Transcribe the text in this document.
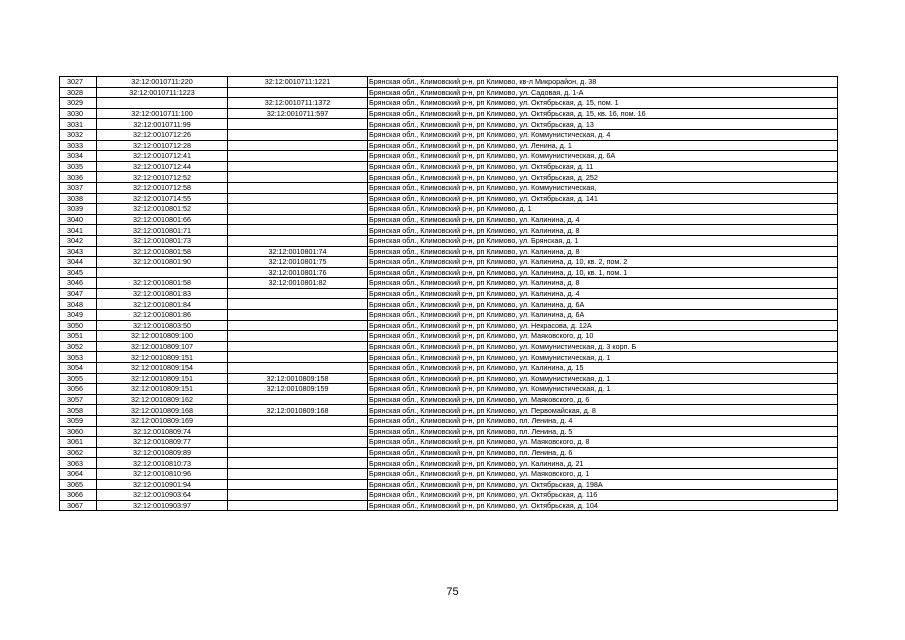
3027	32:12:0010711:220	32:12:0010711:1221	Брянская обл., Климовский р-н, рп Климово, кв-л Микрорайон, д. 38
3028	32:12:0010711:1223		Брянская обл., Климовский р-н, рп Климово, ул. Садовая, д. 1-А
3029		32:12:0010711:1372	Брянская обл., Климовский р-н, рп Климово, ул. Октябрьская, д. 15, пом. 1
3030	32:12:0010711:100	32:12:0010711:597	Брянская обл., Климовский р-н, рп Климово, ул. Октябрьская, д. 15, кв. 16, пом. 16
3031	32:12:0010711:99		Брянская обл., Климовский р-н, рп Климово, ул. Октябрьская, д. 13
3032	32:12:0010712:26		Брянская обл., Климовский р-н, рп Климово, ул. Коммунистическая, д. 4
3033	32:12:0010712:28		Брянская обл., Климовский р-н, рп Климово, ул. Ленина, д. 1
3034	32:12:0010712:41		Брянская обл., Климовский р-н, рп Климово, ул. Коммунистическая, д. 6А
3035	32:12:0010712:44		Брянская обл., Климовский р-н, рп Климово, ул. Октябрьская, д. 11
3036	32:12:0010712:52		Брянская обл., Климовский р-н, рп Климово, ул. Октябрьская, д. 252
3037	32:12:0010712:58		Брянская обл., Климовский р-н, рп Климово, ул. Коммунистическая,
3038	32:12:0010714:55		Брянская обл., Климовский р-н, рп Климово, ул. Октябрьская, д. 141
3039	32:12:0010801:52		Брянская обл., Климовский р-н, рп Климово, д. 1
3040	32:12:0010801:66		Брянская обл., Климовский р-н, рп Климово, ул. Калинина, д. 4
3041	32:12:0010801:71		Брянская обл., Климовский р-н, рп Климово, ул. Калинина, д. 8
3042	32:12:0010801:73		Брянская обл., Климовский р-н, рп Климово, ул. Брянская, д. 1
3043	32:12:0010801:58	32:12:0010801:74	Брянская обл., Климовский р-н, рп Климово, ул. Калинина, д. 8
3044	32:12:0010801:90	32:12:0010801:75	Брянская обл., Климовский р-н, рп Климово, ул. Калинина, д. 10, кв. 2, пом. 2
3045		32:12:0010801:76	Брянская обл., Климовский р-н, рп Климово, ул. Калинина, д. 10, кв. 1, пом. 1
3046	32:12:0010801:58	32:12:0010801:82	Брянская обл., Климовский р-н, рп Климово, ул. Калинина, д. 8
3047	32:12:0010801:83		Брянская обл., Климовский р-н, рп Климово, ул. Калинина, д. 4
3048	32:12:0010801:84		Брянская обл., Климовский р-н, рп Климово, ул. Калинина, д. 6А
3049	32:12:0010801:86		Брянская обл., Климовский р-н, рп Климово, ул. Калинина, д. 6А
3050	32:12:0010803:50		Брянская обл., Климовский р-н, рп Климово, ул. Некрасова, д. 12А
3051	32:12:0010809:100		Брянская обл., Климовский р-н, рп Климово, ул. Маяковского, д. 10
3052	32:12:0010809:107		Брянская обл., Климовский р-н, рп Климово, ул. Коммунистическая, д. 3 корп. Б
3053	32:12:0010809:151		Брянская обл., Климовский р-н, рп Климово, ул. Коммунистическая, д. 1
3054	32:12:0010809:154		Брянская обл., Климовский р-н, рп Климово, ул. Калинина, д. 15
3055	32:12:0010809:151	32:12:0010809:158	Брянская обл., Климовский р-н, рп Климово, ул. Коммунистическая, д. 1
3056	32:12:0010809:151	32:12:0010809:159	Брянская обл., Климовский р-н, рп Климово, ул. Коммунистическая, д. 1
3057	32:12:0010809:162		Брянская обл., Климовский р-н, рп Климово, ул. Маяковского, д. 6
3058	32:12:0010809:168	32:12:0010809:168	Брянская обл., Климовский р-н, рп Климово, ул. Первомайская, д. 8
3059	32:12:0010809:169		Брянская обл., Климовский р-н, рп Климово, пл. Ленина, д. 4
3060	32:12:0010809:74		Брянская обл., Климовский р-н, рп Климово, пл. Ленина, д. 5
3061	32:12:0010809:77		Брянская обл., Климовский р-н, рп Климово, ул. Маяковского, д. 8
3062	32:12:0010809:89		Брянская обл., Климовский р-н, рп Климово, пл. Ленина, д. 6
3063	32:12:0010810:73		Брянская обл., Климовский р-н, рп Климово, ул. Калинина, д. 21
3064	32:12:0010810:96		Брянская обл., Климовский р-н, рп Климово, ул. Маяковского, д. 1
3065	32:12:0010901:94		Брянская обл., Климовский р-н, рп Климово, ул. Октябрьская, д. 198А
3066	32:12:0010903:64		Брянская обл., Климовский р-н, рп Климово, ул. Октябрьская, д. 116
3067	32:12:0010903:97		Брянская обл., Климовский р-н, рп Климово, ул. Октябрьская, д. 104
75
